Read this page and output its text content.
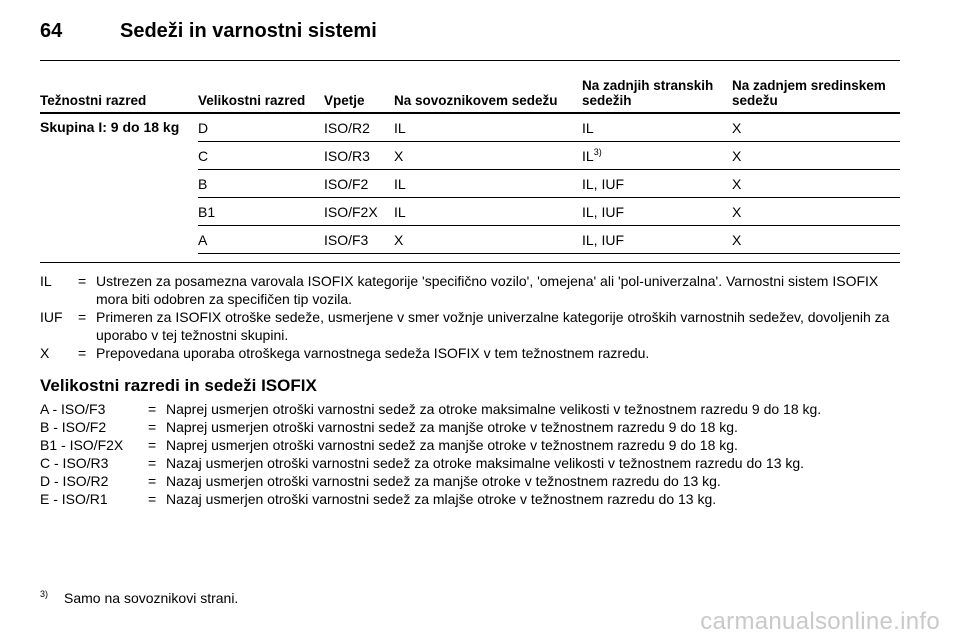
64	Sedeži in varnostni sistemi
Težnostni razred	Velikostni razred	Vpetje	Na sovoznikovem sedežu	Na zadnjih stranskih sedežih	Na zadnjem sredinskem sedežu
Skupina I: 9 do 18 kg	D	ISO/R2	IL	IL	X
	C	ISO/R3	X	IL$^{3)}$	X
	B	ISO/F2	IL	IL, IUF	X
	B1	ISO/F2X	IL	IL, IUF	X
	A	ISO/F3	X	IL, IUF	X
IL	= Ustrezen za posamezna varovala ISOFIX kategorije 'specifično vozilo', 'omejena' ali 'pol-univerzalna'. Varnostni sistem ISOFIX mora biti odobren za specifičen tip vozila.
IUF	= Primeren za ISOFIX otroške sedeže, usmerjene v smer vožnje univerzalne kategorije otroških varnostnih sedežev, dovoljenih za uporabo v tej težnostni skupini.
X	= Prepovedana uporaba otroškega varnostnega sedeža ISOFIX v tem težnostnem razredu.
Velikostni razredi in sedeži ISOFIX
A - ISO/F3	= Naprej usmerjen otroški varnostni sedež za otroke maksimalne velikosti v težnostnem razredu 9 do 18 kg.
B - ISO/F2	= Naprej usmerjen otroški varnostni sedež za manjše otroke v težnostnem razredu 9 do 18 kg.
B1 - ISO/F2X	= Naprej usmerjen otroški varnostni sedež za manjše otroke v težnostnem razredu 9 do 18 kg.
C - ISO/R3	= Nazaj usmerjen otroški varnostni sedež za otroke maksimalne velikosti v težnostnem razredu do 13 kg.
D - ISO/R2	= Nazaj usmerjen otroški varnostni sedež za manjše otroke v težnostnem razredu do 13 kg.
E - ISO/R1	= Nazaj usmerjen otroški varnostni sedež za mlajše otroke v težnostnem razredu do 13 kg.
$^{3)}$ Samo na sovoznikovi strani.
carmanualsonline.info
